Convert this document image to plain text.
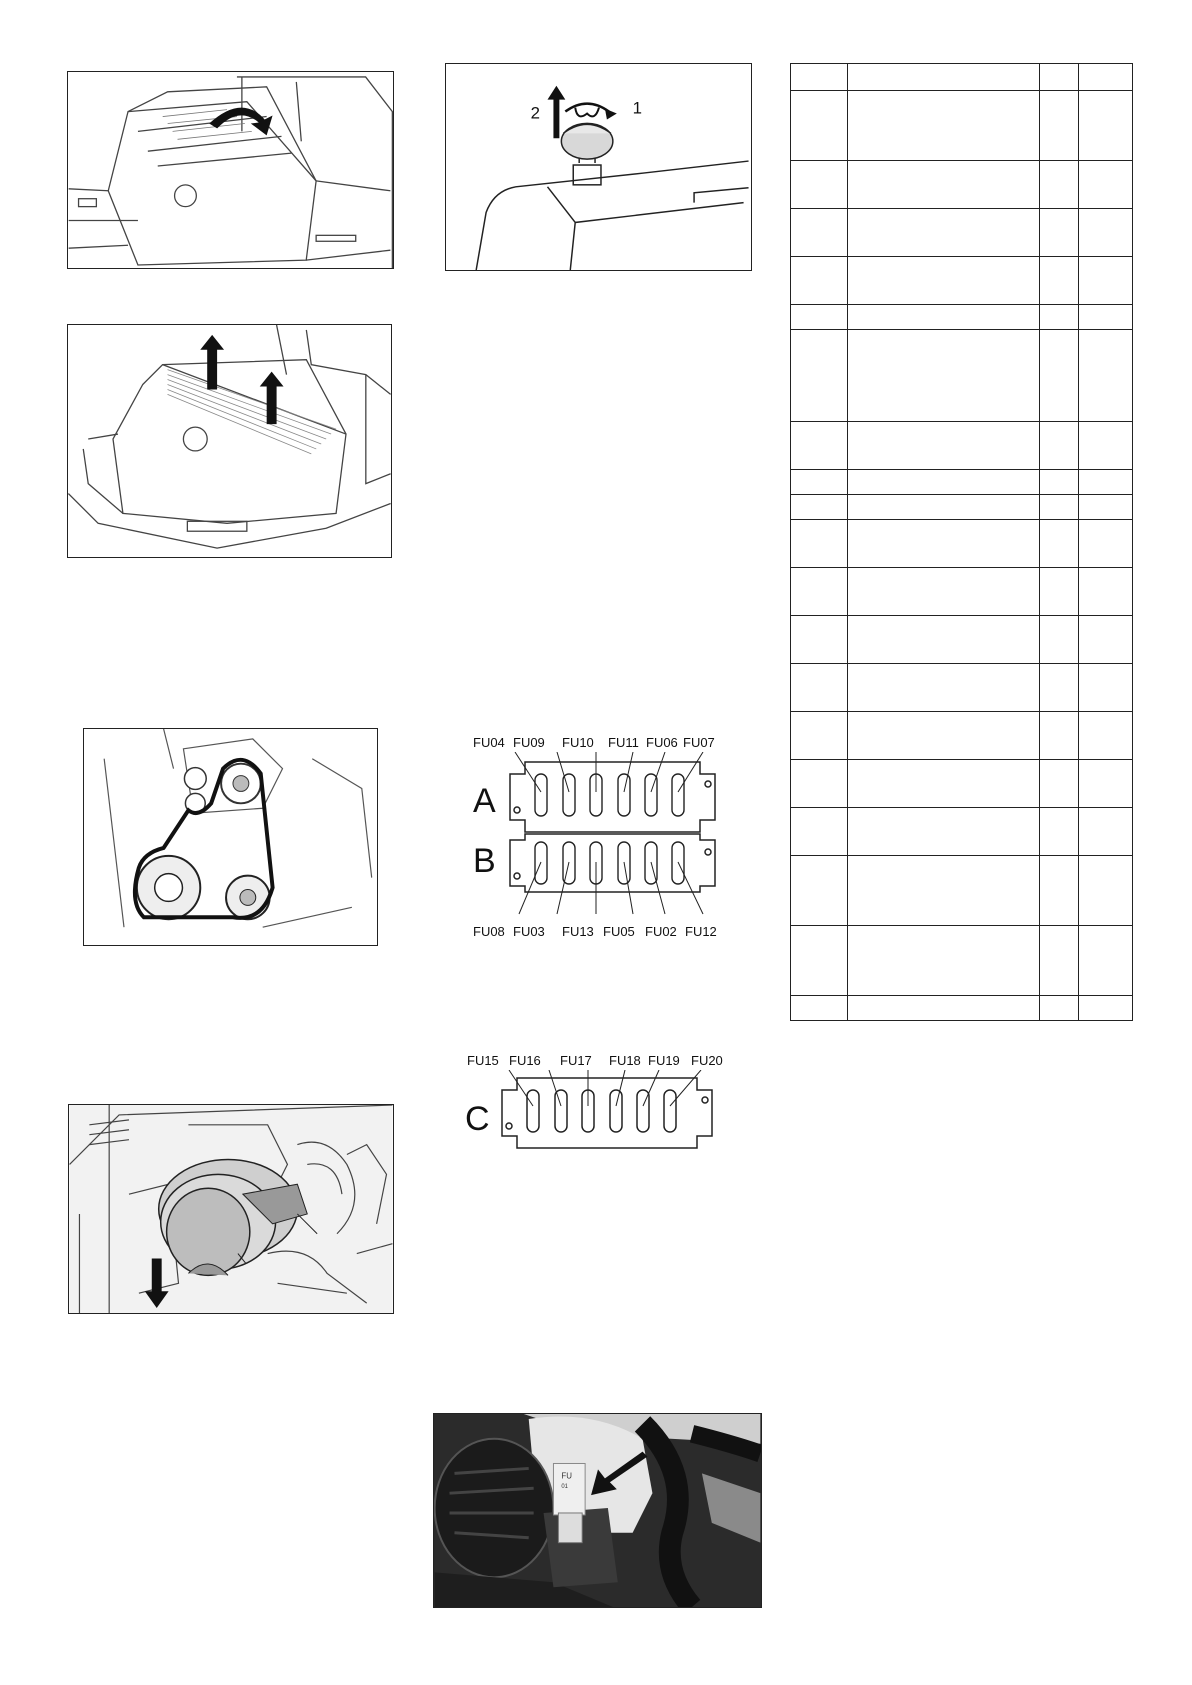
2	1
FU04 FU09 FU10 FU11 FU06 FU07
A
B
FU08 FU03 FU13 FU05 FU02 FU12
FU15 FU16 FU17 FU18 FU19 FU20
C
FU
01
